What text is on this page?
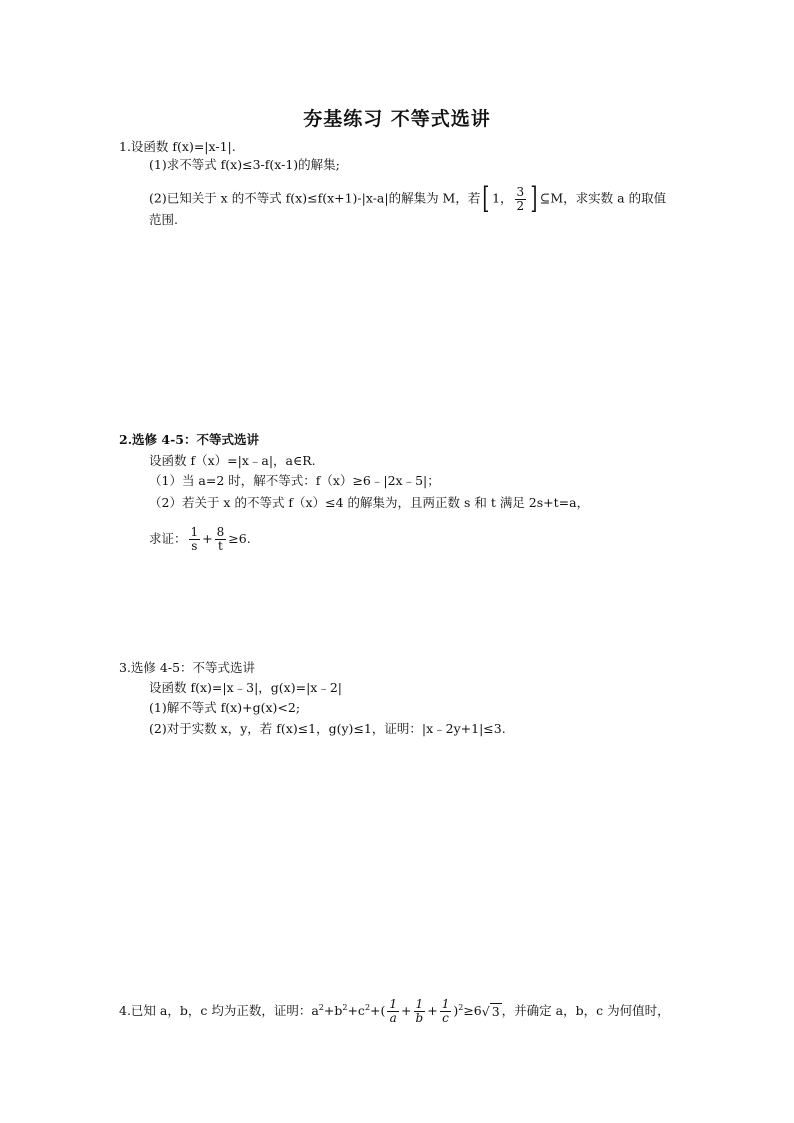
夯基练习 不等式选讲
1.设函数 f(x)=|x-1|.
(1)求不等式 f(x)≤3-f(x-1)的解集;
(2)已知关于 x 的不等式 f(x)≤f(x+1)-|x-a|的解集为 M，若[ 1， $\frac{3}{2}$ ] ⊆M，求实数 a 的取值
范围.
2.选修 4-5：不等式选讲
设函数 f（x）=|x﹣a|，a∈R.
（1）当 a=2 时，解不等式：f（x）≥6﹣|2x﹣5|；
（2）若关于 x 的不等式 f（x）≤4 的解集为，且两正数 s 和 t 满足 2s+t=a，
求证： $\frac{1}{s} + \frac{8}{t} \ge 6$.
3.选修 4-5：不等式选讲
设函数 f(x)=|x﹣3|，g(x)=|x﹣2|
(1)解不等式 f(x)+g(x)<2;
(2)对于实数 x，y，若 f(x)≤1，g(y)≤1，证明：|x﹣2y+1|≤3.
4.已知 a，b，c 均为正数，证明：$a^2+b^2+c^2+( \frac{1}{a} + \frac{1}{b} + \frac{1}{c} )^2\ge 6√$ 3 ，并确定 a，b，c 为何值时，
